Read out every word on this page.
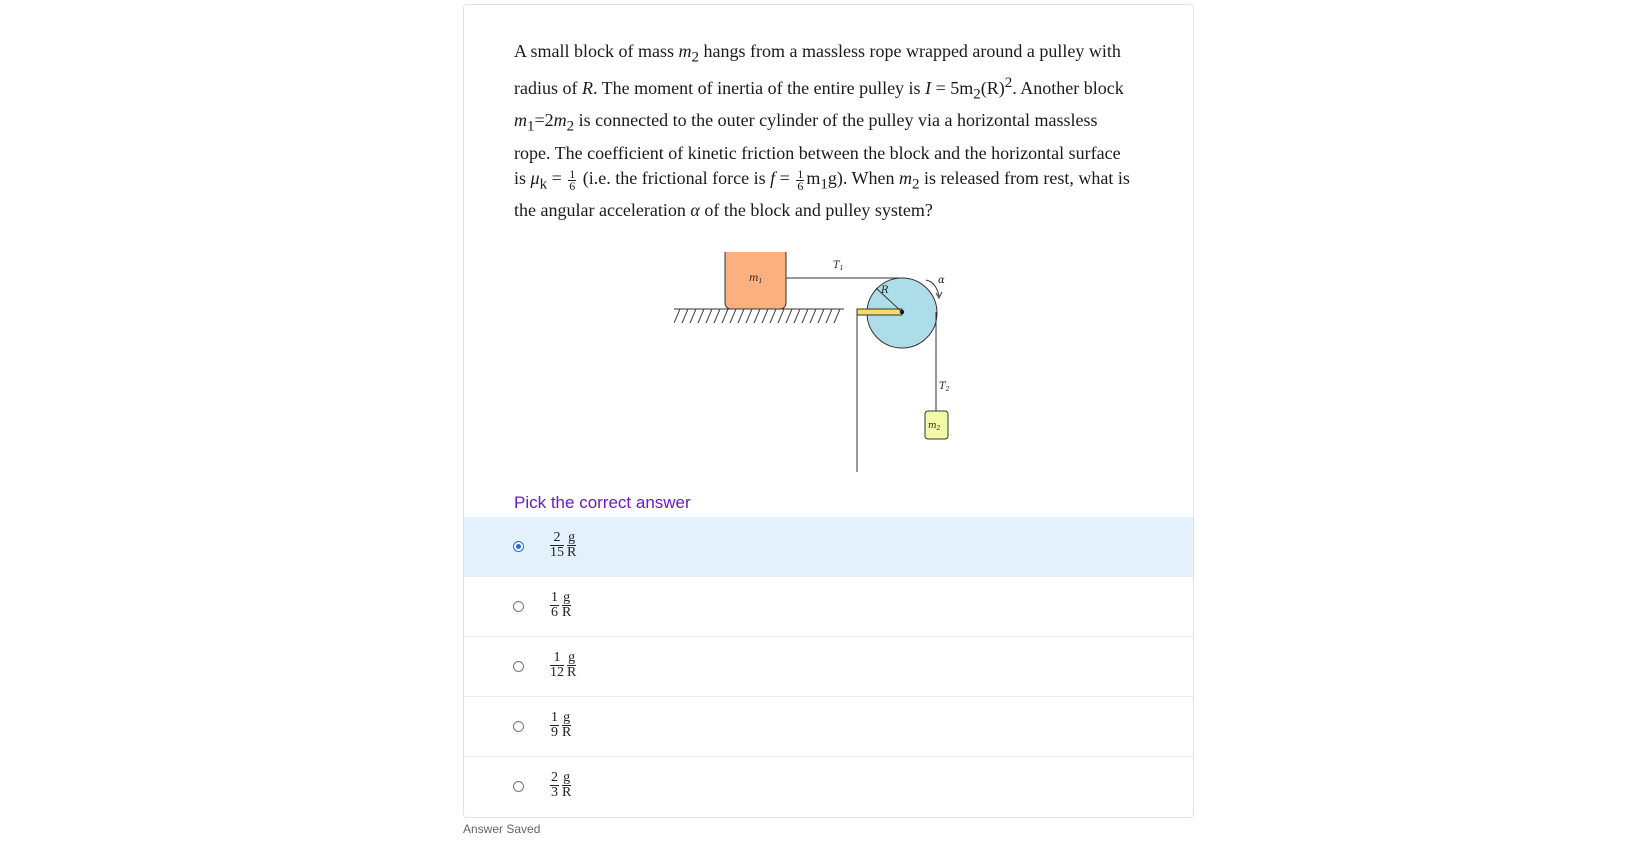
A small block of mass $m_2$ hangs from a massless rope wrapped around a pulley with radius of R. The moment of inertia of the entire pulley is $I = 5m_2(R)^2$. Another block $m_1=2m_2$ is connected to the outer cylinder of the pulley via a horizontal massless rope. The coefficient of kinetic friction between the block and the horizontal surface is $\mu_k = \frac{1}{6} (i.e$. the frictional force is $f = \frac{1}{6} m_1g$). When $m_2$ is released from rest, what is the angular acceleration α of the block and pulley system?
$m_1$
$T_1$
R
α
$T_2$
$m_2$
Pick the correct answer
$\frac{2}{15} \frac{g}{R}$
$\frac{1}{6} \frac{g}{R}$
$\frac{1}{12} \frac{g}{R}$
$\frac{1}{9} \frac{g}{R}$
$\frac{2}{3} \frac{g}{R}$
Answer Saved
